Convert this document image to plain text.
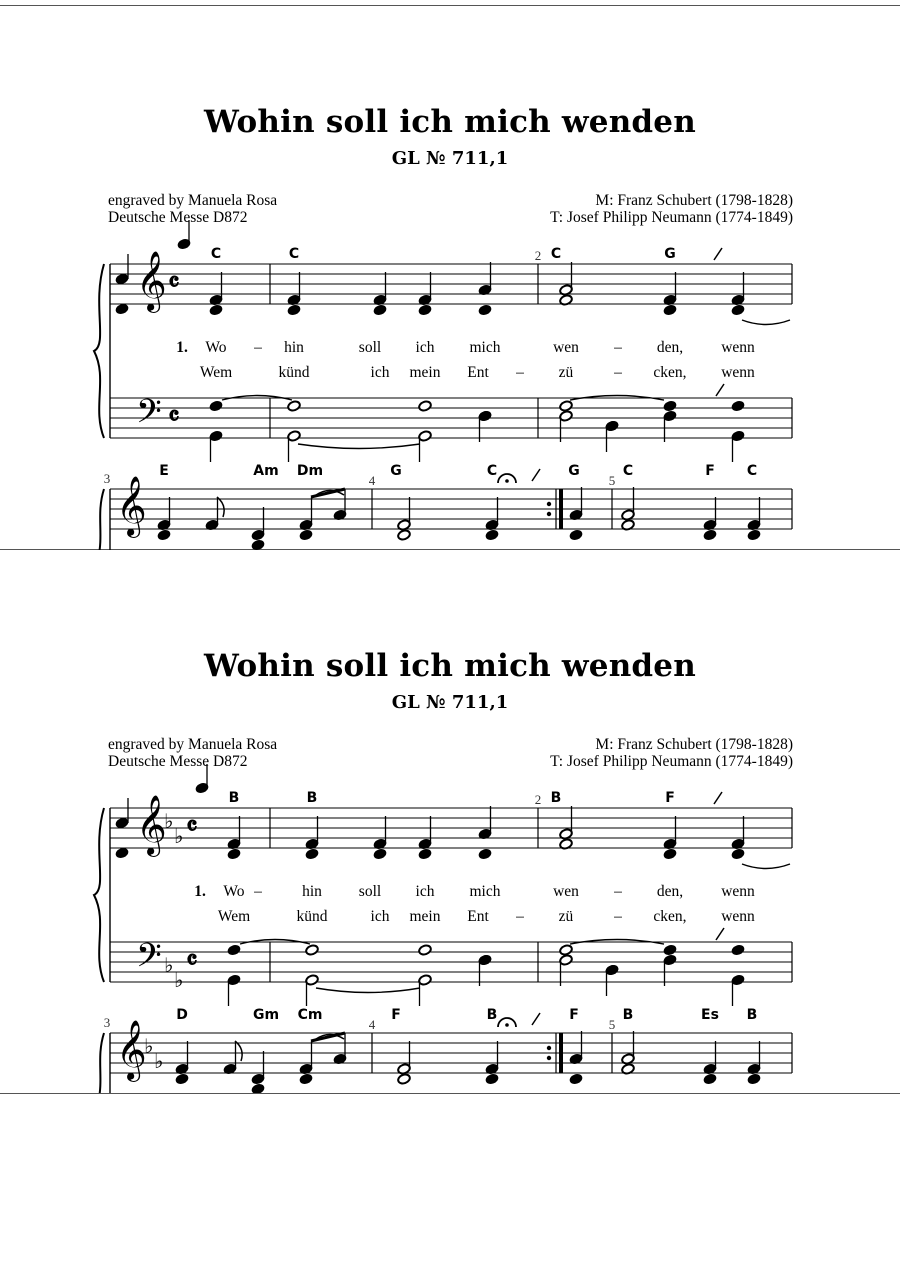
Wohin soll ich mich wenden
GL № 711,1
engraved by Manuela Rosa
Deutsche Messe D872
M: Franz Schubert (1798-1828)
T: Josef Philipp Neumann (1774-1849)
𝄞
𝄢
𝄴
𝄴
C	C	C	G
2
1. Wo – hin	soll ich mich	wen – den, wenn
Wem	künd	ich mein Ent – zü	– cken, wenn
𝄞
3	4	5
E	Am Dm	G	C	G	C	F C
Wohin soll ich mich wenden
GL № 711,1
engraved by Manuela Rosa
Deutsche Messe D872
M: Franz Schubert (1798-1828)
T: Josef Philipp Neumann (1774-1849)
𝄞
𝄢
♭
♭
♭
♭
𝄴
𝄴
B	B	B	F
2
1. Wo –	hin soll ich mich	wen – den, wenn
Wem	künd	ich mein Ent – zü	– cken, wenn
𝄞
♭
♭
3	4	5
D	Gm Cm	F	B	F	B	Es B
